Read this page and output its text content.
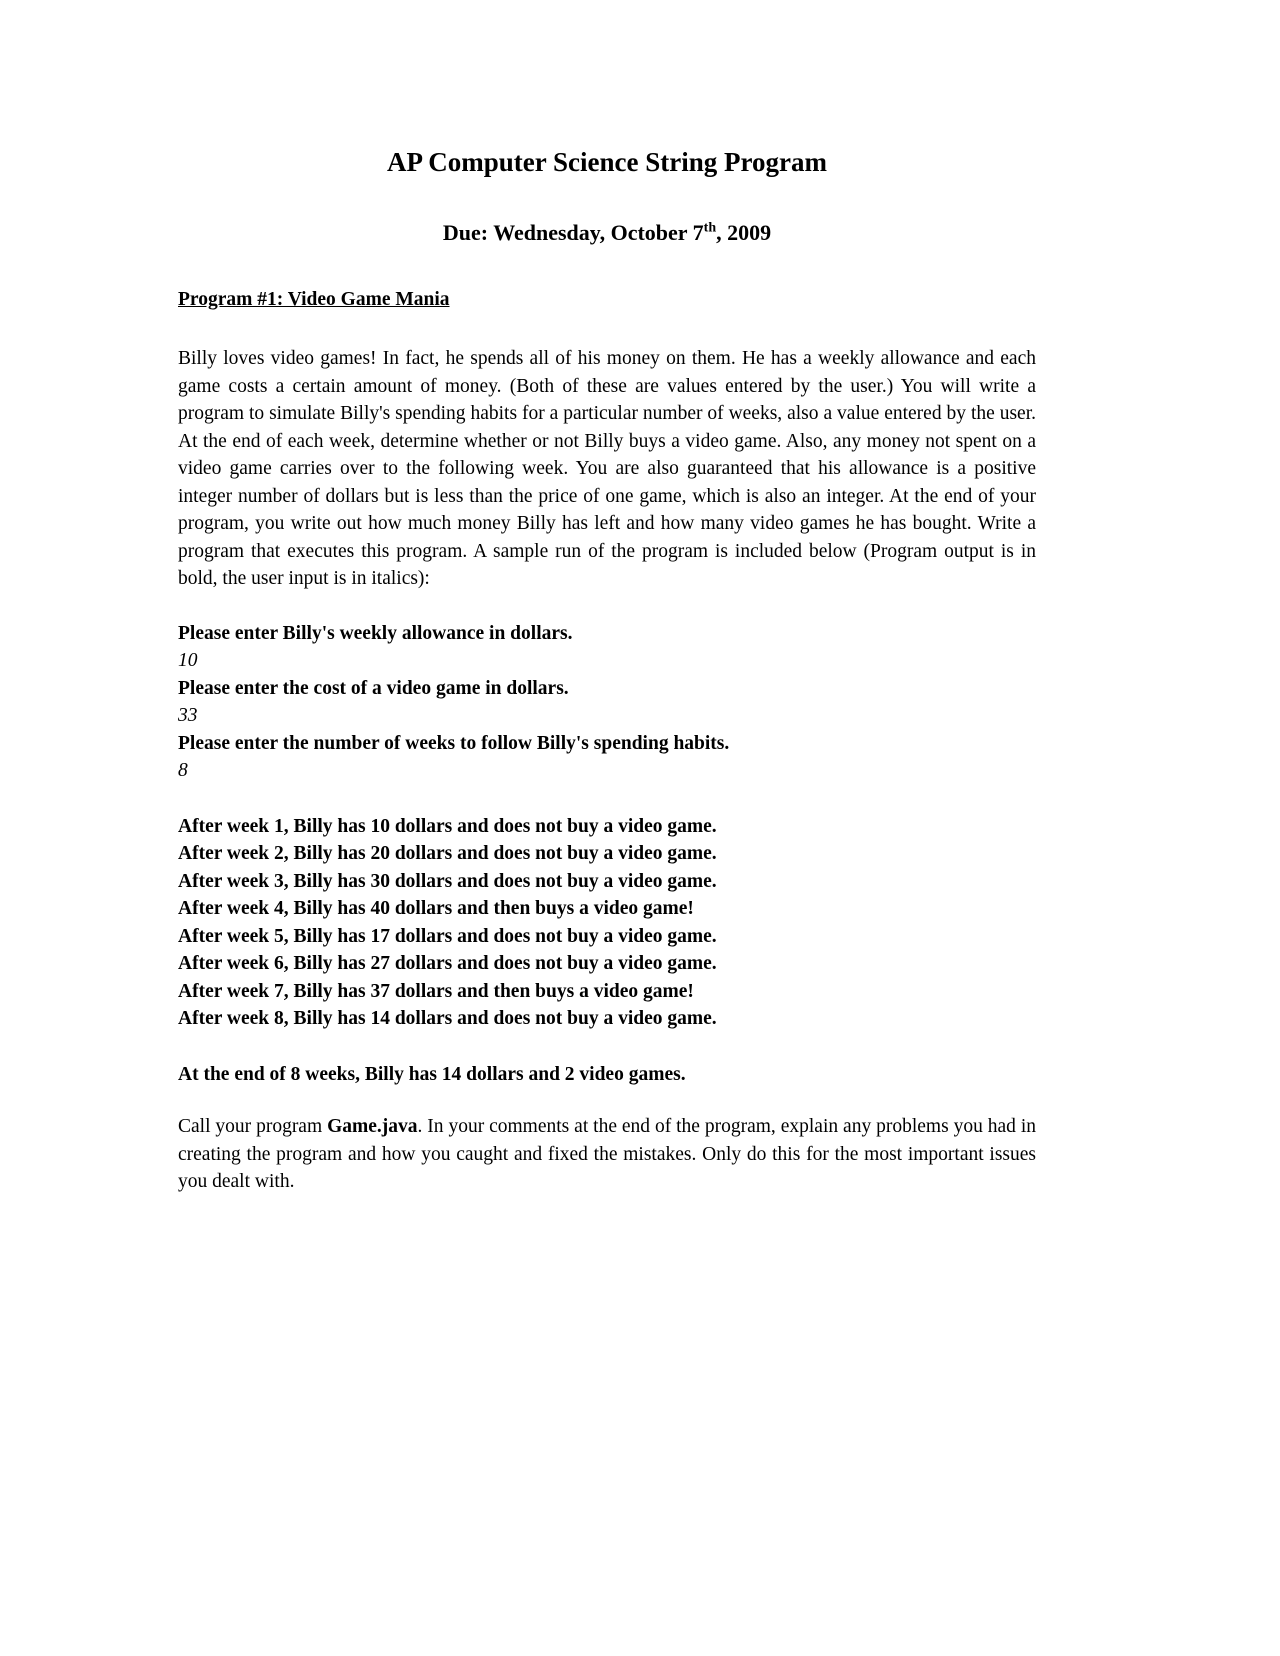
AP Computer Science String Program
Due: Wednesday, October 7th, 2009
Program #1: Video Game Mania

Billy loves video games! In fact, he spends all of his money on them. He has a weekly allowance and each game costs a certain amount of money. (Both of these are values entered by the user.) You will write a program to simulate Billy's spending habits for a particular number of weeks, also a value entered by the user. At the end of each week, determine whether or not Billy buys a video game. Also, any money not spent on a video game carries over to the following week. You are also guaranteed that his allowance is a positive integer number of dollars but is less than the price of one game, which is also an integer. At the end of your program, you write out how much money Billy has left and how many video games he has bought. Write a program that executes this program. A sample run of the program is included below (Program output is in bold, the user input is in italics):

Please enter Billy's weekly allowance in dollars.
10
Please enter the cost of a video game in dollars.
33
Please enter the number of weeks to follow Billy's spending habits.
8
After week 1, Billy has 10 dollars and does not buy a video game.
After week 2, Billy has 20 dollars and does not buy a video game.
After week 3, Billy has 30 dollars and does not buy a video game.
After week 4, Billy has 40 dollars and then buys a video game!
After week 5, Billy has 17 dollars and does not buy a video game.
After week 6, Billy has 27 dollars and does not buy a video game.
After week 7, Billy has 37 dollars and then buys a video game!
After week 8, Billy has 14 dollars and does not buy a video game.

At the end of 8 weeks, Billy has 14 dollars and 2 video games.

Call your program Game.java. In your comments at the end of the program, explain any problems you had in creating the program and how you caught and fixed the mistakes. Only do this for the most important issues you dealt with.
